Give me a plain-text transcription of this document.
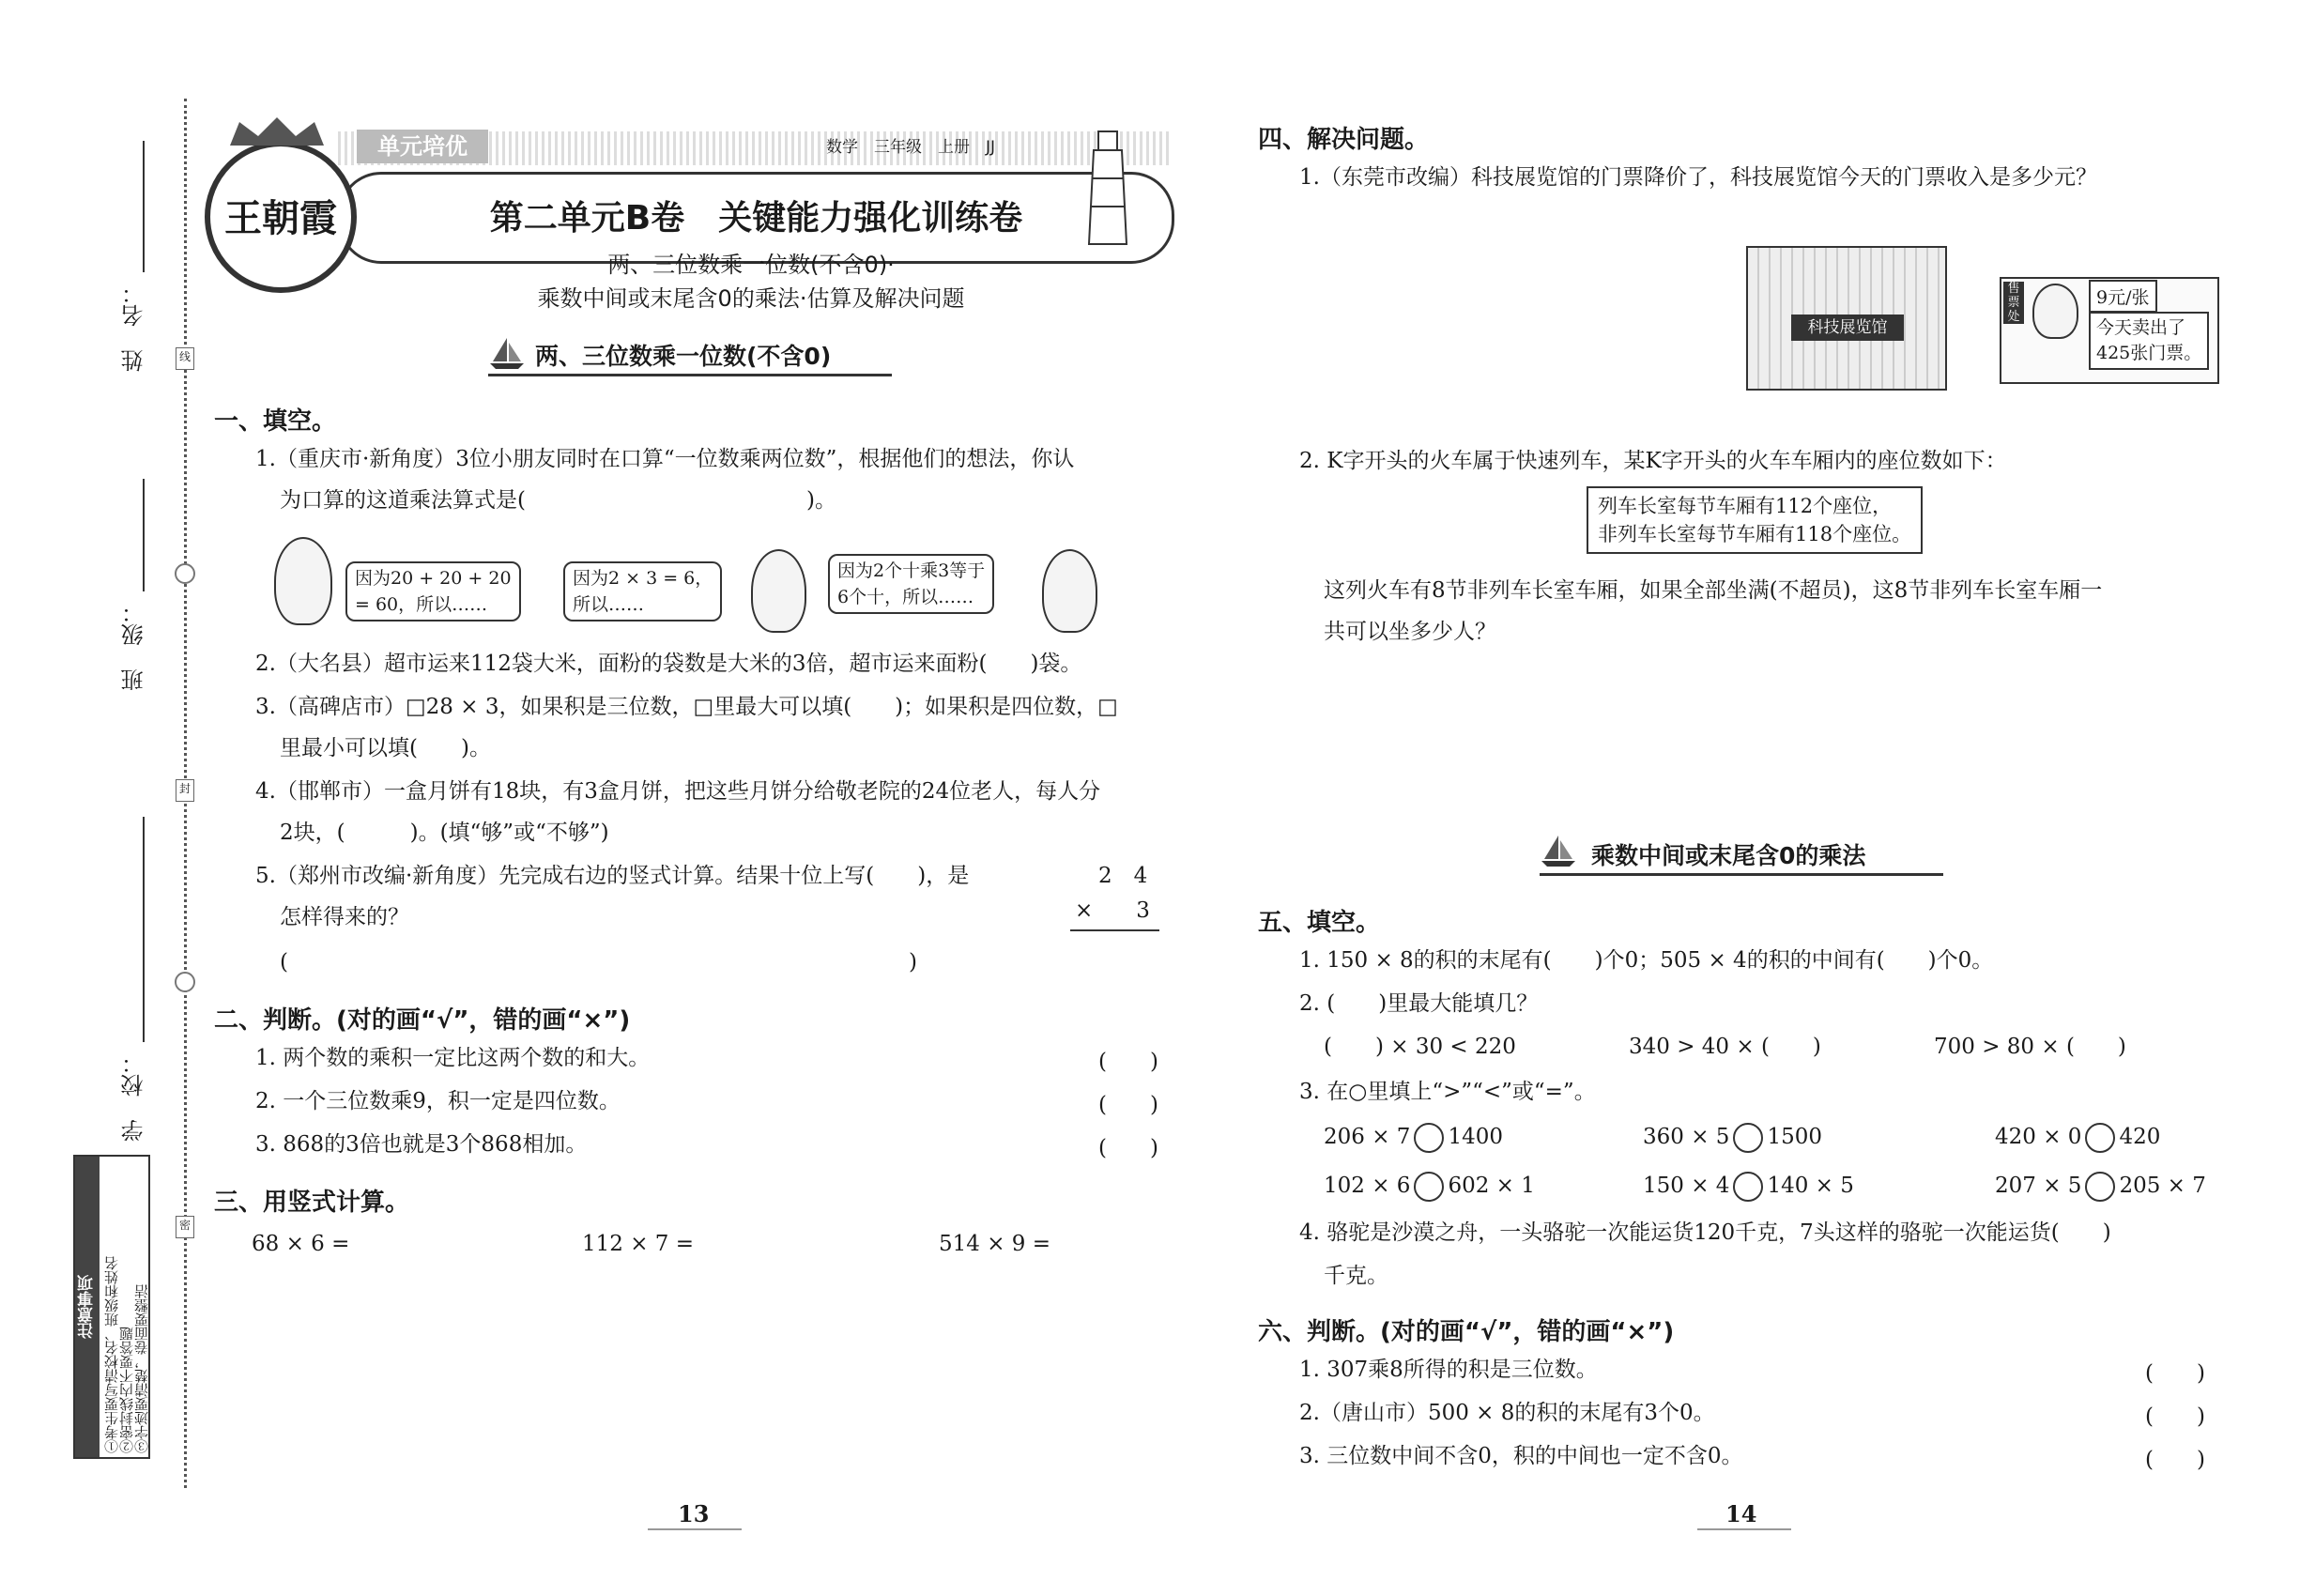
姓　名：
班　级：
学　校：
线
封
密
注意事项 ①考生要写清校名、班级和姓名
②密封线内不要答题
③字迹要清楚，卷面要整洁
单元培优	数学　三年级　上册　JJ
第二单元B卷　关键能力强化训练卷
王朝霞
两、三位数乘一位数(不含0)·
乘数中间或末尾含0的乘法·估算及解决问题
两、三位数乘一位数(不含0)
一、填空。
1.（重庆市·新角度）3位小朋友同时在口算“一位数乘两位数”，根据他们的想法，你认
为口算的这道乘法算式是(　　　　　　　　　　　　　)。
因为20 + 20 + 20
= 60，所以……
因为2 × 3 = 6，
所以……
因为2个十乘3等于
6个十，所以……
2.（大名县）超市运来112袋大米，面粉的袋数是大米的3倍，超市运来面粉(　　)袋。
3.（高碑店市）□28 × 3，如果积是三位数，□里最大可以填(　　)；如果积是四位数，□
里最小可以填(　　)。
4.（邯郸市）一盒月饼有18块，有3盒月饼，把这些月饼分给敬老院的24位老人，每人分
2块，(　　　)。(填“够”或“不够”)
5.（郑州市改编·新角度）先完成右边的竖式计算。结果十位上写(　　)，是
怎样得来的？
2　4
×　　3
(	)
二、判断。(对的画“√”，错的画“×”)
1. 两个数的乘积一定比这两个数的和大。	(　　)
2. 一个三位数乘9，积一定是四位数。	(　　)
3. 868的3倍也就是3个868相加。	(　　)
三、用竖式计算。
68 × 6 =	112 × 7 =	514 × 9 =
13
四、解决问题。
1.（东莞市改编）科技展览馆的门票降价了，科技展览馆今天的门票收入是多少元？
科技展览馆
售票处
9元/张
今天卖出了
425张门票。
2. K字开头的火车属于快速列车，某K字开头的火车车厢内的座位数如下：
列车长室每节车厢有112个座位，
非列车长室每节车厢有118个座位。
这列火车有8节非列车长室车厢，如果全部坐满(不超员)，这8节非列车长室车厢一
共可以坐多少人？
乘数中间或末尾含0的乘法
五、填空。
1. 150 × 8的积的末尾有(　　)个0；505 × 4的积的中间有(　　)个0。
2. (　　)里最大能填几？
(　　) × 30 < 220	340 > 40 × (　　)	700 > 80 × (　　)
3. 在○里填上“>”“<”或“=”。
206 × 7 1400	360 × 5 1500	420 × 0 420
102 × 6 602 × 1	150 × 4 140 × 5	207 × 5 205 × 7
4. 骆驼是沙漠之舟，一头骆驼一次能运货120千克，7头这样的骆驼一次能运货(　　)
千克。
六、判断。(对的画“√”，错的画“×”)
1. 307乘8所得的积是三位数。	(　　)
2.（唐山市）500 × 8的积的末尾有3个0。	(　　)
3. 三位数中间不含0，积的中间也一定不含0。	(　　)
14
